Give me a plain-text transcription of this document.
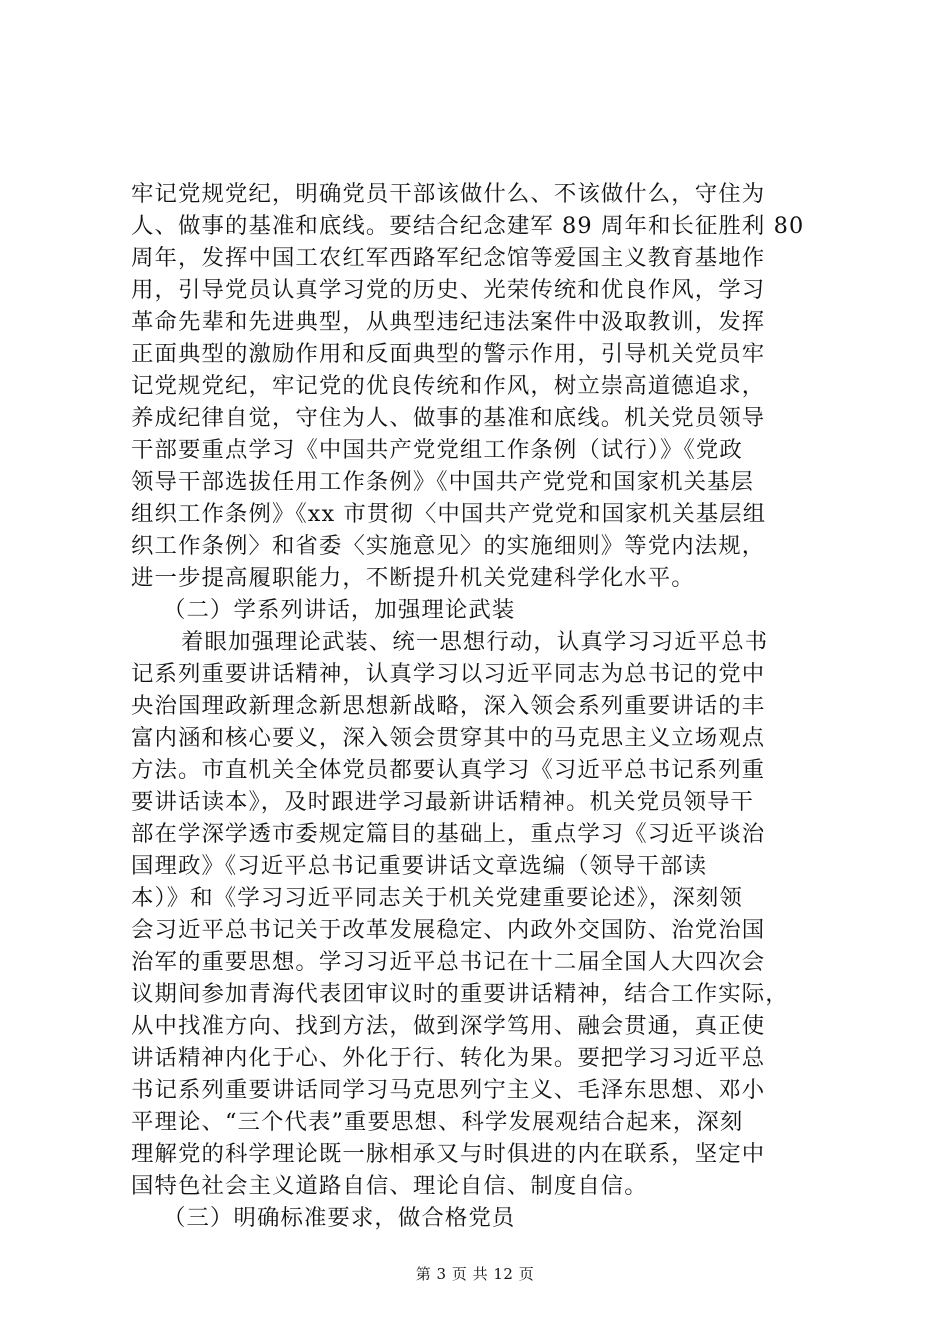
牢记党规党纪，明确党员干部该做什么、不该做什么，守住为
人、做事的基准和底线。要结合纪念建军 89 周年和长征胜利 80
周年，发挥中国工农红军西路军纪念馆等爱国主义教育基地作
用，引导党员认真学习党的历史、光荣传统和优良作风，学习
革命先辈和先进典型，从典型违纪违法案件中汲取教训，发挥
正面典型的激励作用和反面典型的警示作用，引导机关党员牢
记党规党纪，牢记党的优良传统和作风，树立崇高道德追求，
养成纪律自觉，守住为人、做事的基准和底线。机关党员领导
干部要重点学习《中国共产党党组工作条例（试行）》《党政
领导干部选拔任用工作条例》《中国共产党党和国家机关基层
组织工作条例》《xx 市贯彻〈中国共产党党和国家机关基层组
织工作条例〉和省委〈实施意见〉的实施细则》等党内法规，
进一步提高履职能力，不断提升机关党建科学化水平。
（二）学系列讲话，加强理论武装
着眼加强理论武装、统一思想行动，认真学习习近平总书
记系列重要讲话精神，认真学习以习近平同志为总书记的党中
央治国理政新理念新思想新战略，深入领会系列重要讲话的丰
富内涵和核心要义，深入领会贯穿其中的马克思主义立场观点
方法。市直机关全体党员都要认真学习《习近平总书记系列重
要讲话读本》，及时跟进学习最新讲话精神。机关党员领导干
部在学深学透市委规定篇目的基础上，重点学习《习近平谈治
国理政》《习近平总书记重要讲话文章选编（领导干部读
本）》和《学习习近平同志关于机关党建重要论述》，深刻领
会习近平总书记关于改革发展稳定、内政外交国防、治党治国
治军的重要思想。学习习近平总书记在十二届全国人大四次会
议期间参加青海代表团审议时的重要讲话精神，结合工作实际，
从中找准方向、找到方法，做到深学笃用、融会贯通，真正使
讲话精神内化于心、外化于行、转化为果。要把学习习近平总
书记系列重要讲话同学习马克思列宁主义、毛泽东思想、邓小
平理论、“三个代表”重要思想、科学发展观结合起来，深刻
理解党的科学理论既一脉相承又与时俱进的内在联系，坚定中
国特色社会主义道路自信、理论自信、制度自信。
（三）明确标准要求，做合格党员
第 3 页 共 12 页
